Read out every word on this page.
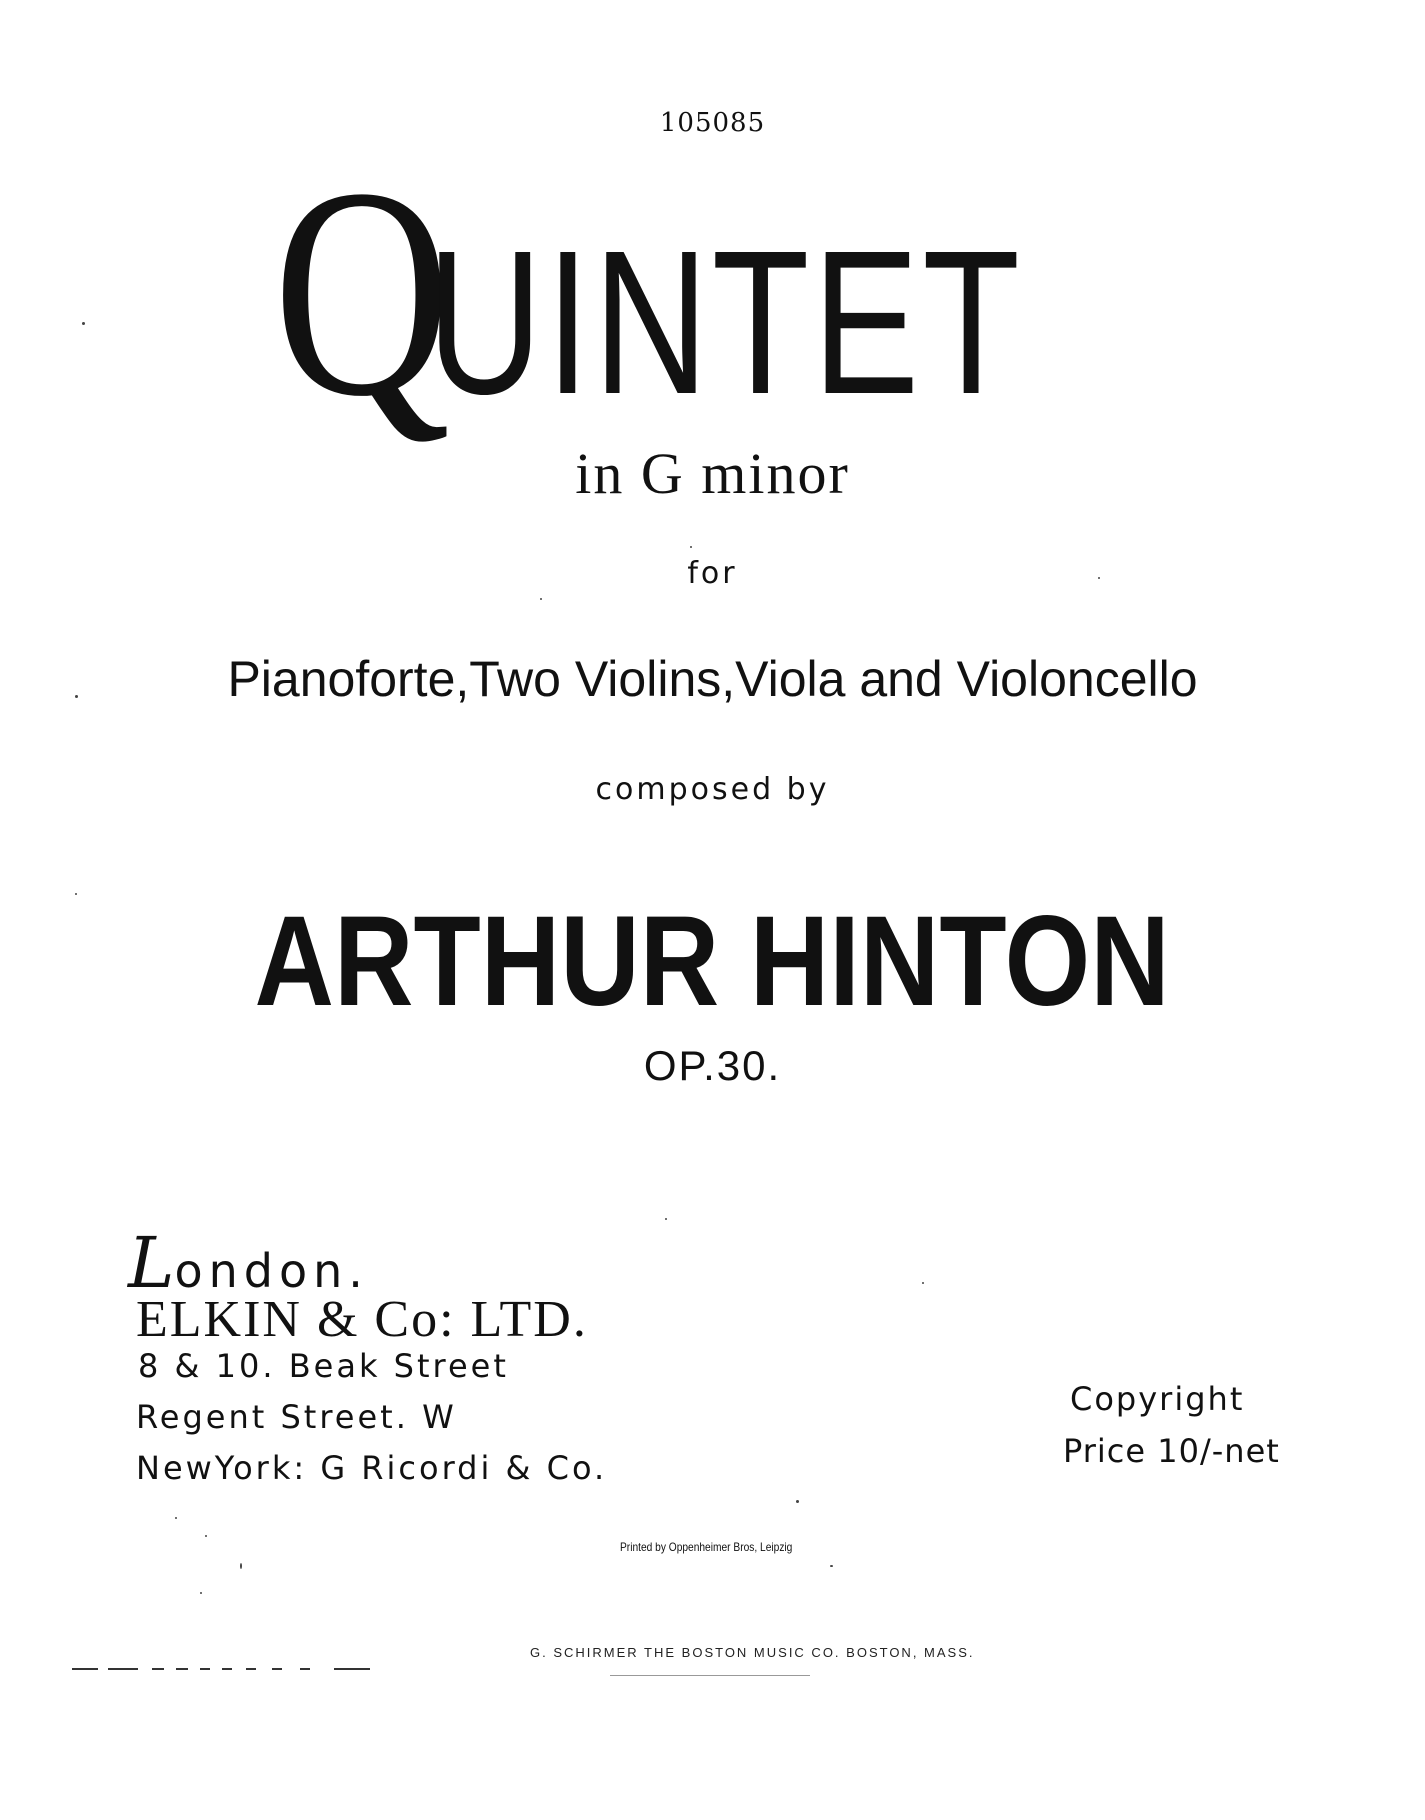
105085
QUINTET
in G minor
for
Pianoforte,Two Violins,Viola and Violoncello
composed by
ARTHUR HINTON
OP.30.
London.
ELKIN & Co: LTD.
8 & 10. Beak Street
Regent Street. W
NewYork: G Ricordi & Co.
Copyright
Price 10/-net
Printed by Oppenheimer Bros, Leipzig
G. SCHIRMER THE BOSTON MUSIC CO. BOSTON, MASS.
